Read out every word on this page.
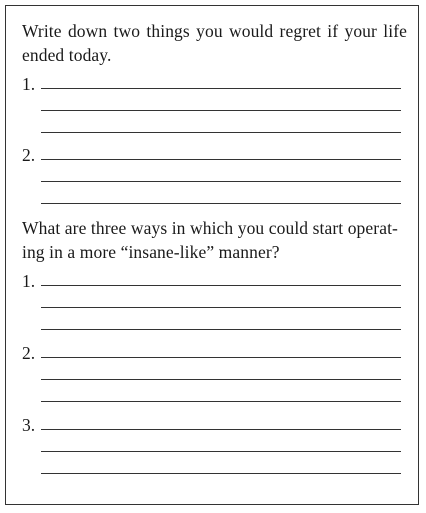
Write down two things you would regret if your life ended today.
1.
2.
What are three ways in which you could start operat-
ing in a more “insane-like” manner?
1.
2.
3.
